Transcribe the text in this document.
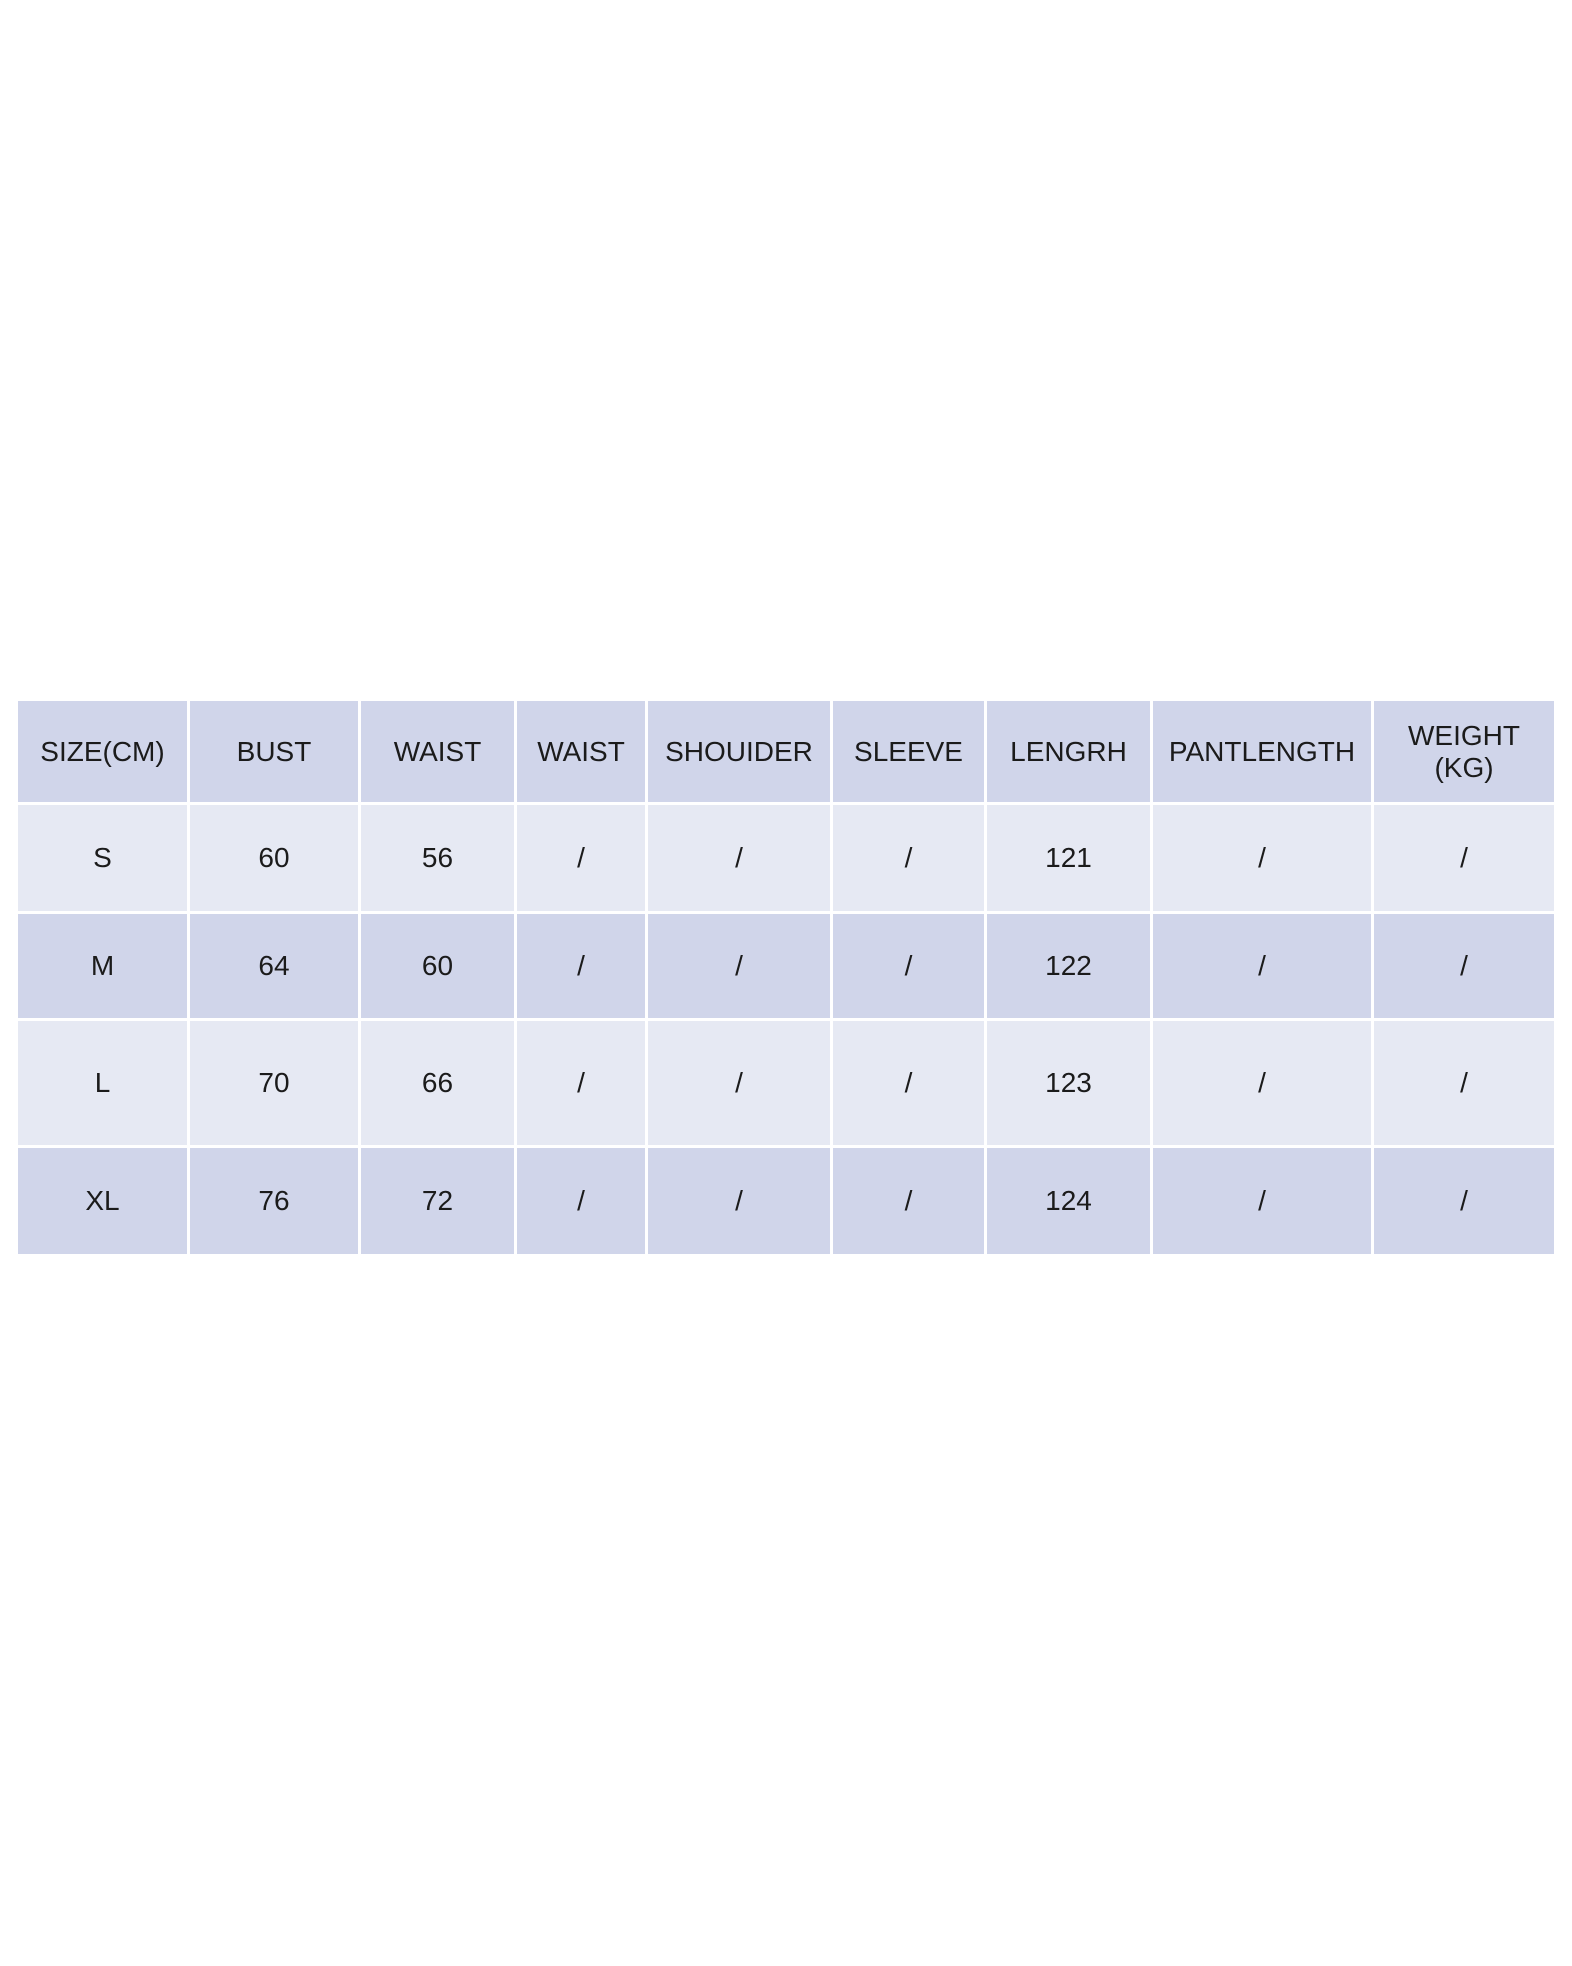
SIZE(CM)	BUST	WAIST	WAIST	SHOUIDER	SLEEVE	LENGRH	PANTLENGTH	WEIGHT
(KG)
S	60	56	/	/	/	121	/	/
M	64	60	/	/	/	122	/	/
L	70	66	/	/	/	123	/	/
XL	76	72	/	/	/	124	/	/
